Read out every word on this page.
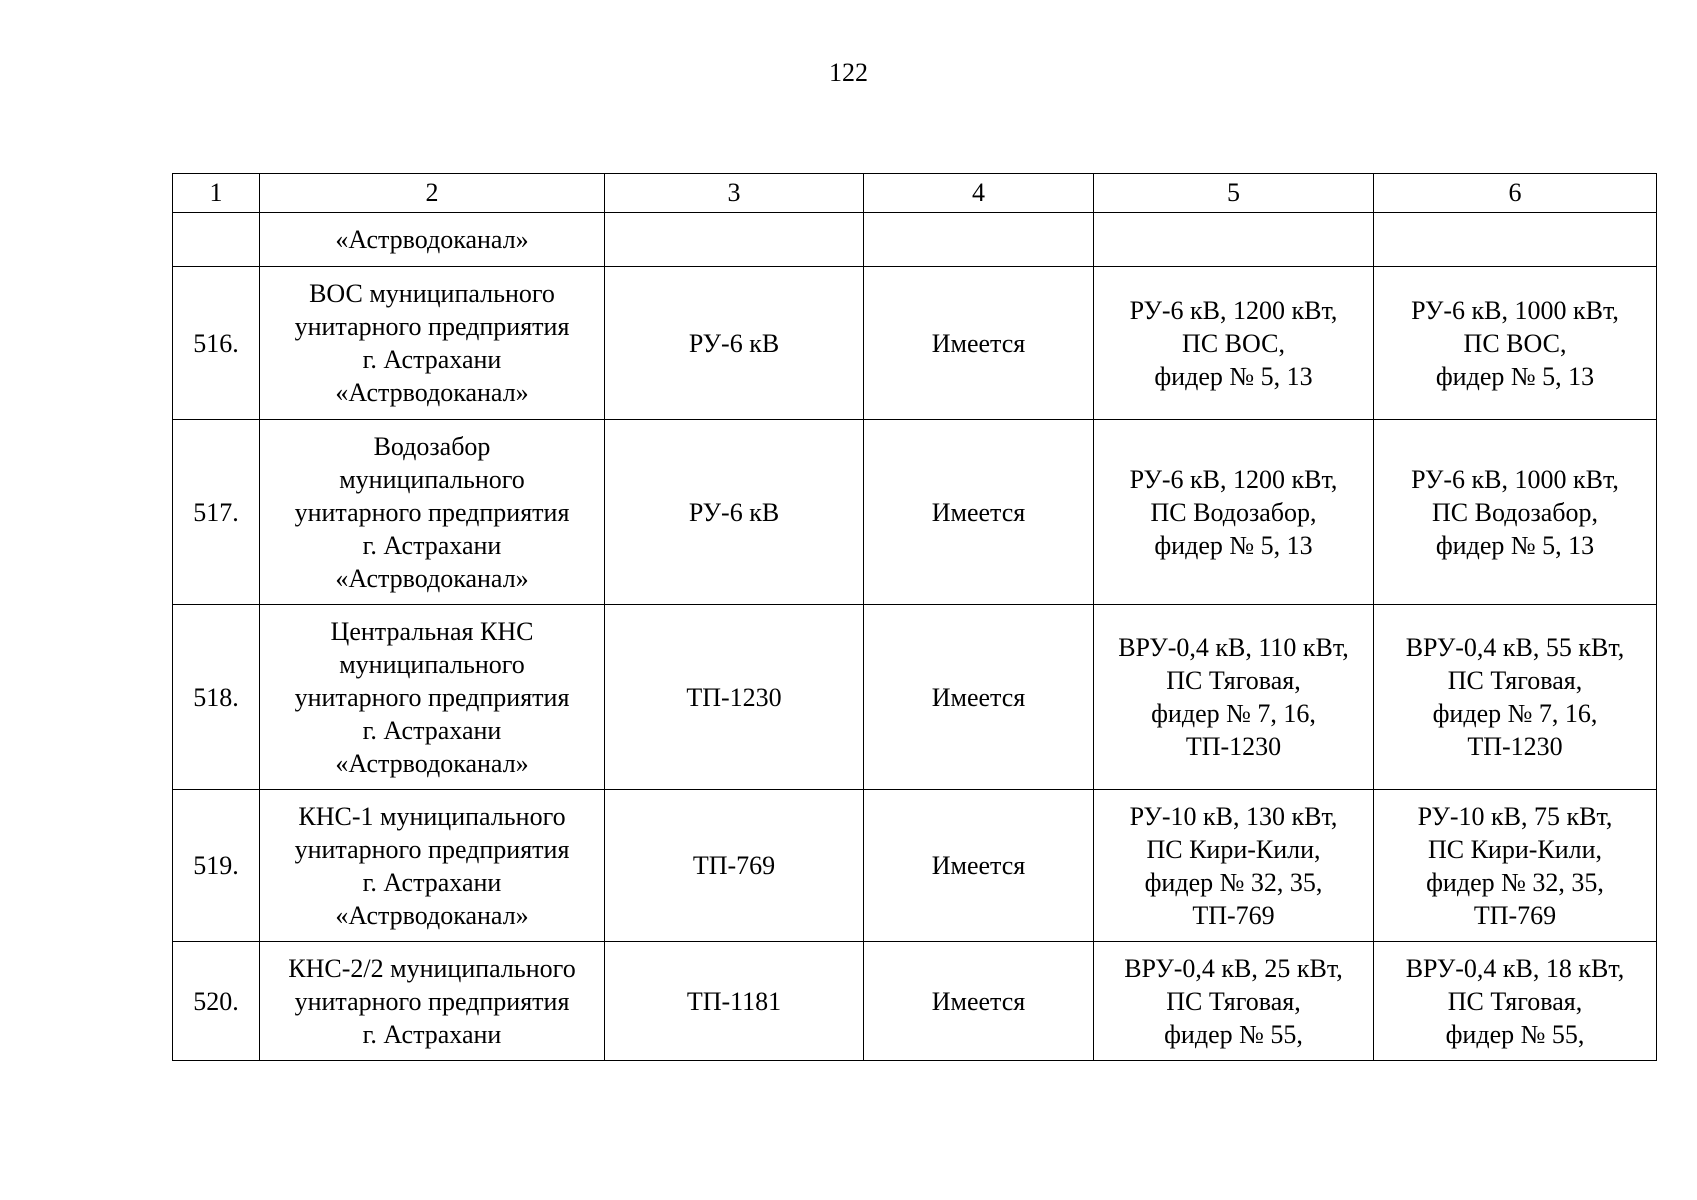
122
1	2	3	4	5	6
	«Астрводоканал»				
516.	ВОС муниципального
унитарного предприятия
г. Астрахани
«Астрводоканал»	РУ-6 кВ	Имеется	РУ-6 кВ, 1200 кВт,
ПС ВОС,
фидер № 5, 13	РУ-6 кВ, 1000 кВт,
ПС ВОС,
фидер № 5, 13
517.	Водозабор
муниципального
унитарного предприятия
г. Астрахани
«Астрводоканал»	РУ-6 кВ	Имеется	РУ-6 кВ, 1200 кВт,
ПС Водозабор,
фидер № 5, 13	РУ-6 кВ, 1000 кВт,
ПС Водозабор,
фидер № 5, 13
518.	Центральная КНС
муниципального
унитарного предприятия
г. Астрахани
«Астрводоканал»	ТП-1230	Имеется	ВРУ-0,4 кВ, 110 кВт,
ПС Тяговая,
фидер № 7, 16,
ТП-1230	ВРУ-0,4 кВ, 55 кВт,
ПС Тяговая,
фидер № 7, 16,
ТП-1230
519.	КНС-1 муниципального
унитарного предприятия
г. Астрахани
«Астрводоканал»	ТП-769	Имеется	РУ-10 кВ, 130 кВт,
ПС Кири-Кили,
фидер № 32, 35,
ТП-769	РУ-10 кВ, 75 кВт,
ПС Кири-Кили,
фидер № 32, 35,
ТП-769
520.	КНС-2/2 муниципального
унитарного предприятия
г. Астрахани	ТП-1181	Имеется	ВРУ-0,4 кВ, 25 кВт,
ПС Тяговая,
фидер № 55,	ВРУ-0,4 кВ, 18 кВт,
ПС Тяговая,
фидер № 55,
